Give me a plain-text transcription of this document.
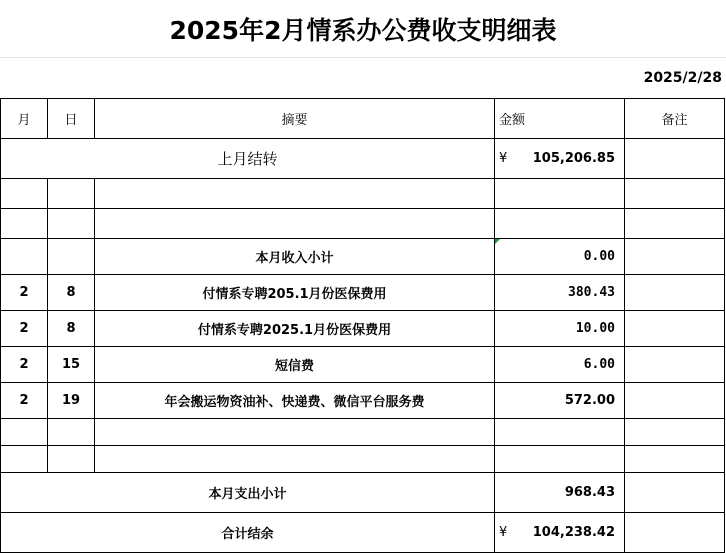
2025年2月情系办公费收支明细表
2025/2/28
月	日	摘要	金额	备注
上月结转			¥ 105,206.85	

		本月收入小计	0.00	
2	8	付情系专聘205.1月份医保费用	380.43	
2	8	付情系专聘2025.1月份医保费用	10.00	
2	15	短信费	6.00	
2	19	年会搬运物资油补、快递费、微信平台服务费	572.00	

本月支出小计			968.43	
合计结余			¥ 104,238.42	
